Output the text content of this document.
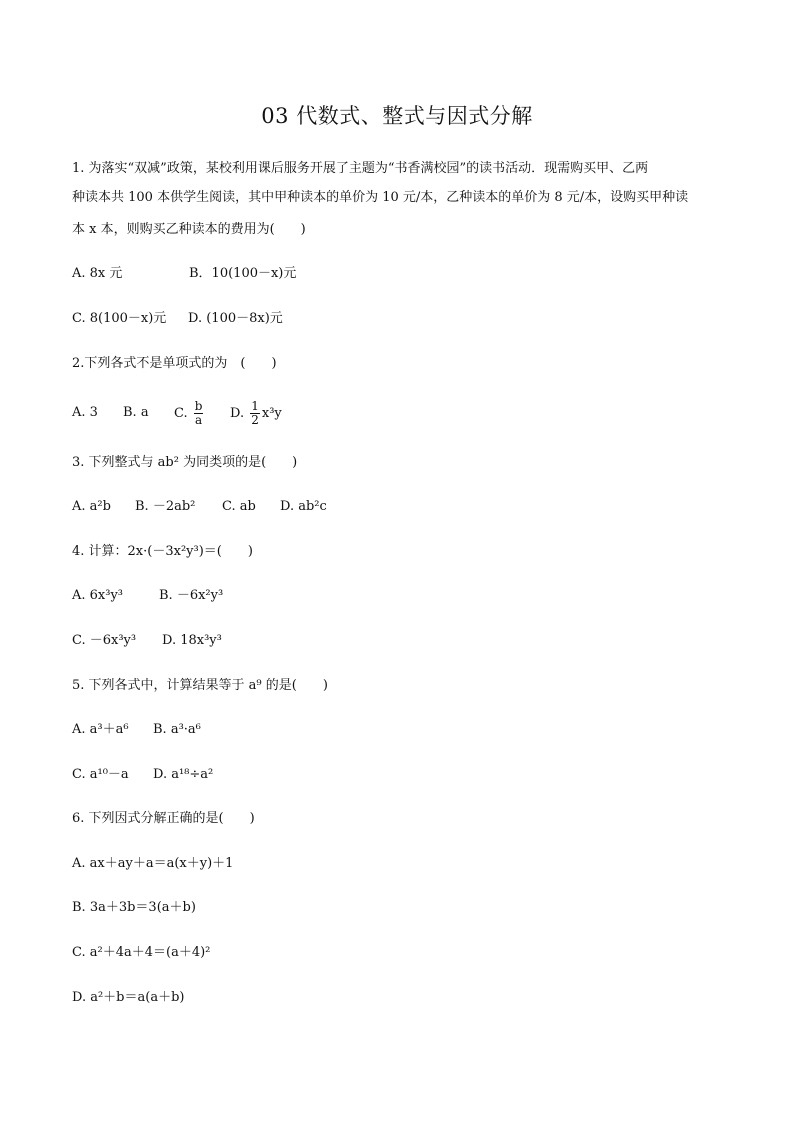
03 代数式、整式与因式分解
1. 为落实“双减”政策，某校利用课后服务开展了主题为“书香满校园”的读书活动．现需购买甲、乙两
种读本共 100 本供学生阅读，其中甲种读本的单价为 10 元/本，乙种读本的单价为 8 元/本，设购买甲种读
本 x 本，则购买乙种读本的费用为(　　)
A. 8x 元	B．10(100－x)元
C. 8(100－x)元	D. (100－8x)元
2.下列各式不是单项式的为　(　　)
A. 3	B. a	C. $\frac{b}{a} D$. $\frac{1}{2} x^3y$
3. 下列整式与 ab² 为同类项的是(　　)
A. a²b	B. －2ab²	C. ab	D. ab²c
4. 计算：2x·(－3x²y³)＝(　　)
A. 6x³y³	B. －6x²y³
C. －6x³y³	D. 18x³y³
5. 下列各式中，计算结果等于 a⁹ 的是(　　)
A. a³＋a⁶	B. a³·a⁶
C. a¹⁰－a	D. a¹⁸÷a²
6. 下列因式分解正确的是(　　)
A. ax＋ay＋a＝a(x＋y)＋1
B. 3a＋3b＝3(a＋b)
C. a²＋4a＋4＝(a＋4)²
D. a²＋b＝a(a＋b)
